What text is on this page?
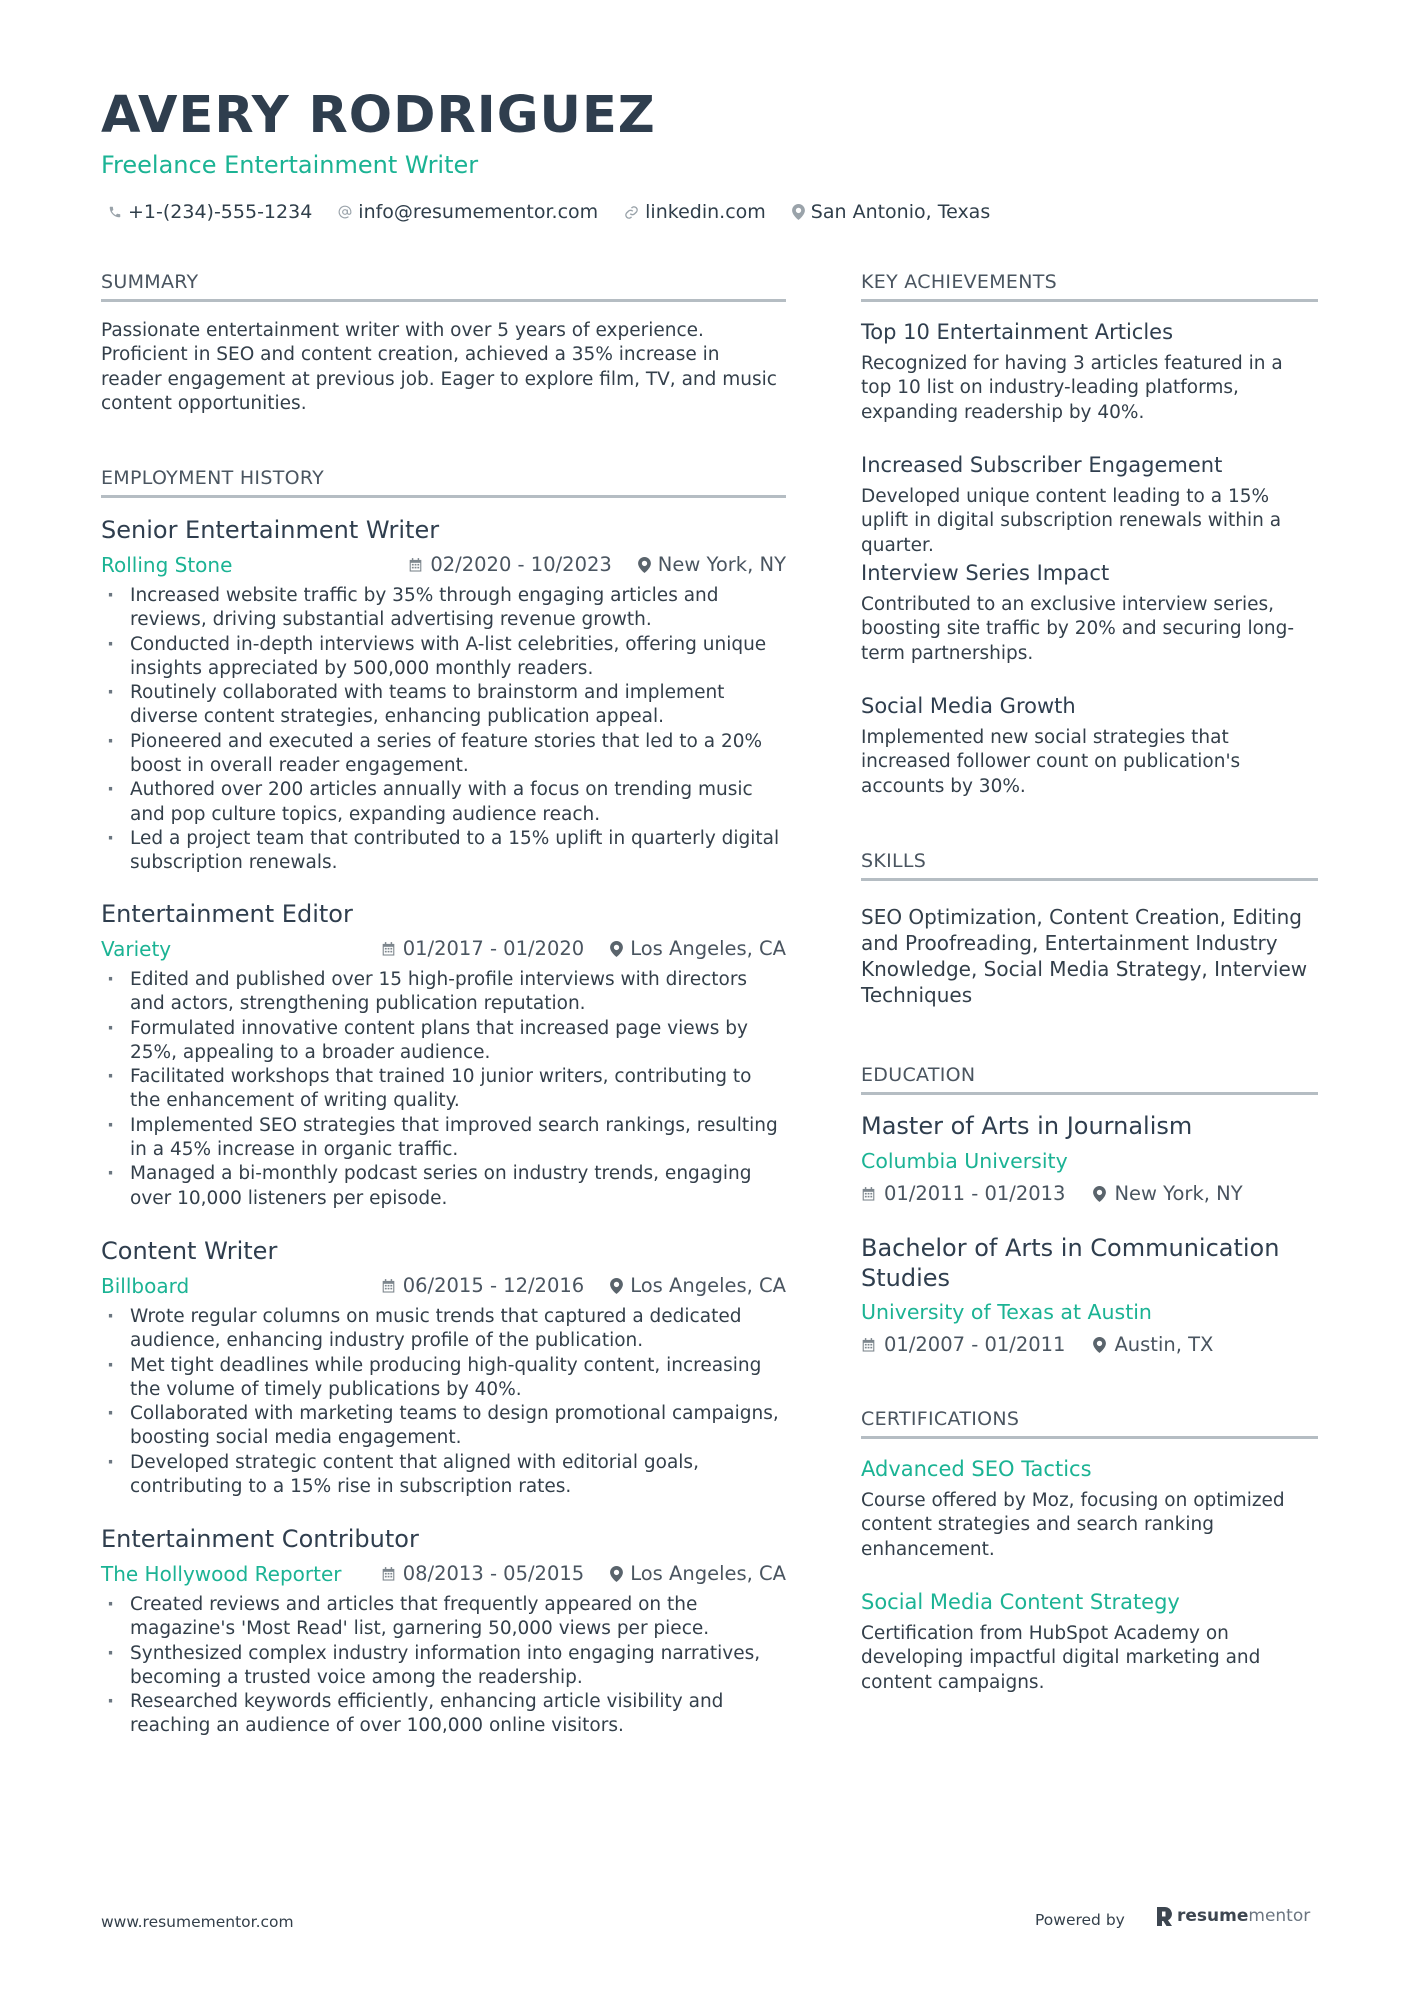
AVERY RODRIGUEZ
Freelance Entertainment Writer
+1-(234)-555-1234 info@resumementor.com linkedin.com San Antonio, Texas
SUMMARY
Passionate entertainment writer with over 5 years of experience. Proficient in SEO and content creation, achieved a 35% increase in reader engagement at previous job. Eager to explore film, TV, and music content opportunities.
EMPLOYMENT HISTORY
Senior Entertainment Writer
Rolling Stone	02/2020 - 10/2023 New York, NY
· Increased website traffic by 35% through engaging articles and reviews, driving substantial advertising revenue growth.
· Conducted in-depth interviews with A-list celebrities, offering unique insights appreciated by 500,000 monthly readers.
· Routinely collaborated with teams to brainstorm and implement diverse content strategies, enhancing publication appeal.
· Pioneered and executed a series of feature stories that led to a 20% boost in overall reader engagement.
· Authored over 200 articles annually with a focus on trending music and pop culture topics, expanding audience reach.
· Led a project team that contributed to a 15% uplift in quarterly digital subscription renewals.
Entertainment Editor
Variety	01/2017 - 01/2020 Los Angeles, CA
· Edited and published over 15 high-profile interviews with directors and actors, strengthening publication reputation.
· Formulated innovative content plans that increased page views by 25%, appealing to a broader audience.
· Facilitated workshops that trained 10 junior writers, contributing to the enhancement of writing quality.
· Implemented SEO strategies that improved search rankings, resulting in a 45% increase in organic traffic.
· Managed a bi-monthly podcast series on industry trends, engaging over 10,000 listeners per episode.
Content Writer
Billboard	06/2015 - 12/2016 Los Angeles, CA
· Wrote regular columns on music trends that captured a dedicated audience, enhancing industry profile of the publication.
· Met tight deadlines while producing high-quality content, increasing the volume of timely publications by 40%.
· Collaborated with marketing teams to design promotional campaigns, boosting social media engagement.
· Developed strategic content that aligned with editorial goals, contributing to a 15% rise in subscription rates.
Entertainment Contributor
The Hollywood Reporter	08/2013 - 05/2015 Los Angeles, CA
· Created reviews and articles that frequently appeared on the magazine's 'Most Read' list, garnering 50,000 views per piece.
· Synthesized complex industry information into engaging narratives, becoming a trusted voice among the readership.
· Researched keywords efficiently, enhancing article visibility and reaching an audience of over 100,000 online visitors.
KEY ACHIEVEMENTS
Top 10 Entertainment Articles
Recognized for having 3 articles featured in a top 10 list on industry-leading platforms, expanding readership by 40%.
Increased Subscriber Engagement
Developed unique content leading to a 15% uplift in digital subscription renewals within a quarter.
Interview Series Impact
Contributed to an exclusive interview series, boosting site traffic by 20% and securing long-term partnerships.
Social Media Growth
Implemented new social strategies that increased follower count on publication's accounts by 30%.
SKILLS
SEO Optimization, Content Creation, Editing and Proofreading, Entertainment Industry Knowledge, Social Media Strategy, Interview Techniques
EDUCATION
Master of Arts in Journalism
Columbia University
01/2011 - 01/2013	New York, NY
Bachelor of Arts in Communication Studies
University of Texas at Austin
01/2007 - 01/2011	Austin, TX
CERTIFICATIONS
Advanced SEO Tactics
Course offered by Moz, focusing on optimized content strategies and search ranking enhancement.
Social Media Content Strategy
Certification from HubSpot Academy on developing impactful digital marketing and content campaigns.
www.resumementor.com	Powered by	resume mentor
